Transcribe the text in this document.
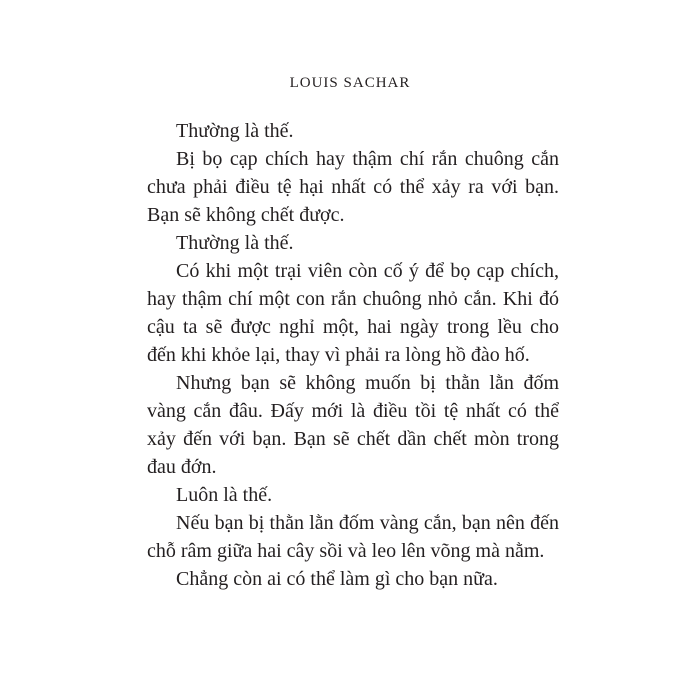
LOUIS SACHAR

Thường là thế.

Bị bọ cạp chích hay thậm chí rắn chuông cắn chưa phải điều tệ hại nhất có thể xảy ra với bạn. Bạn sẽ không chết được.

Thường là thế.

Có khi một trại viên còn cố ý để bọ cạp chích, hay thậm chí một con rắn chuông nhỏ cắn. Khi đó cậu ta sẽ được nghỉ một, hai ngày trong lều cho đến khi khỏe lại, thay vì phải ra lòng hồ đào hố.

Nhưng bạn sẽ không muốn bị thằn lằn đốm vàng cắn đâu. Đấy mới là điều tồi tệ nhất có thể xảy đến với bạn. Bạn sẽ chết dần chết mòn trong đau đớn.

Luôn là thế.

Nếu bạn bị thằn lằn đốm vàng cắn, bạn nên đến chỗ râm giữa hai cây sồi và leo lên võng mà nằm.

Chẳng còn ai có thể làm gì cho bạn nữa.
